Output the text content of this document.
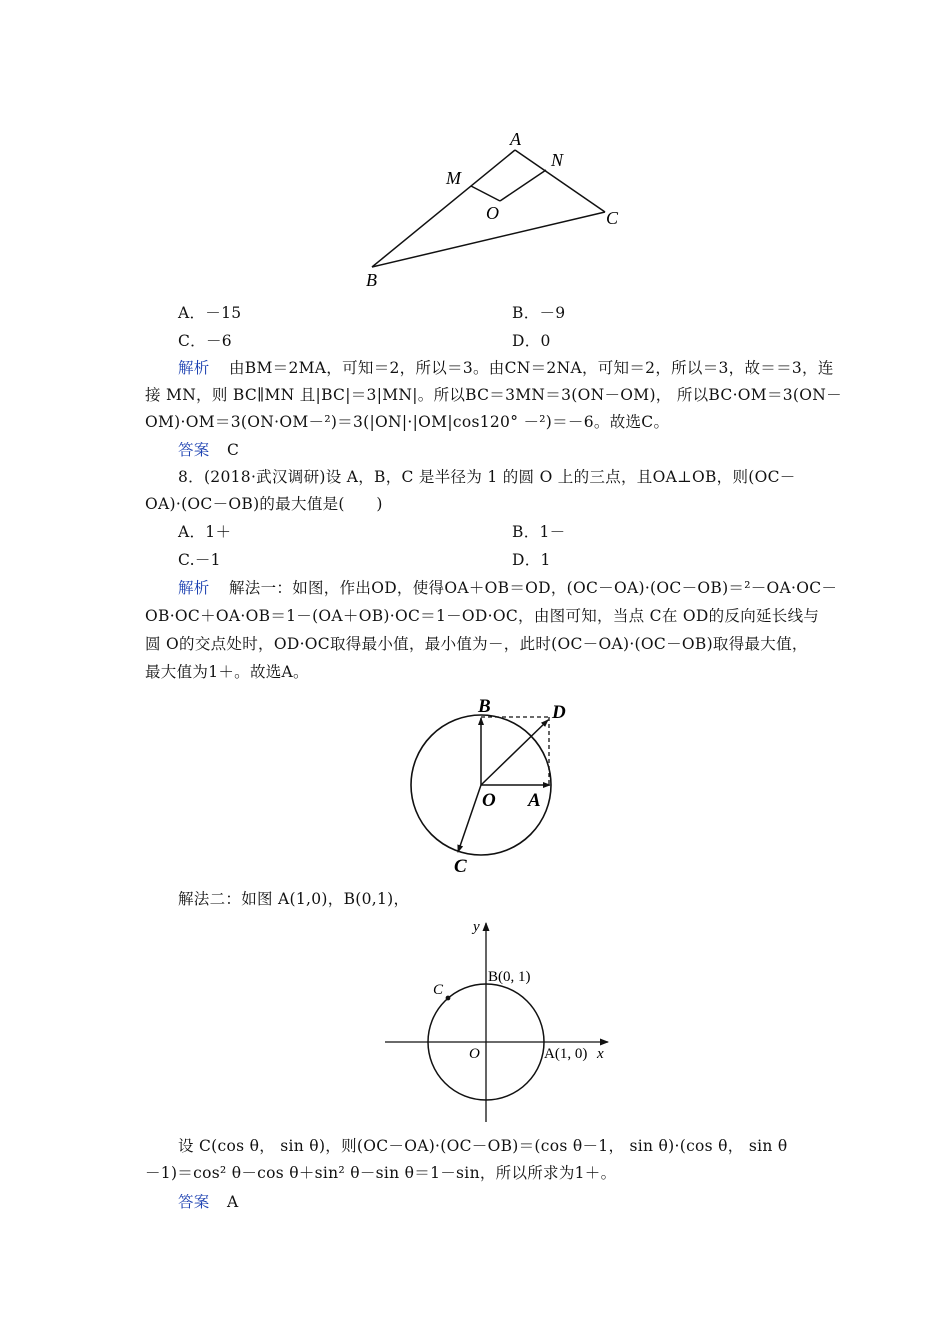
A
N
M
O	C
B
A．－15	B．－9
C．－6	D．0
解析 由BM＝2MA，可知＝2，所以＝3。由CN＝2NA，可知＝2，所以＝3，故＝＝3，连
接 MN，则 BC∥MN 且|BC|＝3|MN|。所以BC＝3MN＝3(ON－OM)， 所以BC·OM＝3(ON－
OM)·OM＝3(ON·OM－²)＝3(|ON|·|OM|cos120° －²)＝－6。故选C。
答案 C
8．(2018·武汉调研)设 A，B，C 是半径为 1 的圆 O 上的三点，且OA⊥OB，则(OC－
OA)·(OC－OB)的最大值是(　　)
A．1＋	B．1－
C.－1	D．1
解析 解法一：如图，作出OD，使得OA＋OB＝OD，(OC－OA)·(OC－OB)＝²－OA·OC－
OB·OC＋OA·OB＝1－(OA＋OB)·OC＝1－OD·OC，由图可知，当点 C在 OD的反向延长线与
圆 O的交点处时，OD·OC取得最小值，最小值为－，此时(OC－OA)·(OC－OB)取得最大值，
最大值为1＋。故选A。
B	D
O A
C
解法二：如图 A(1,0)，B(0,1)，
y
x
B(0, 1)
A(1, 0)
O
C
设 C(cos θ， sin θ)，则(OC－OA)·(OC－OB)＝(cos θ－1， sin θ)·(cos θ， sin θ
－1)＝cos² θ－cos θ＋sin² θ－sin θ＝1－sin，所以所求为1＋。
答案 A
